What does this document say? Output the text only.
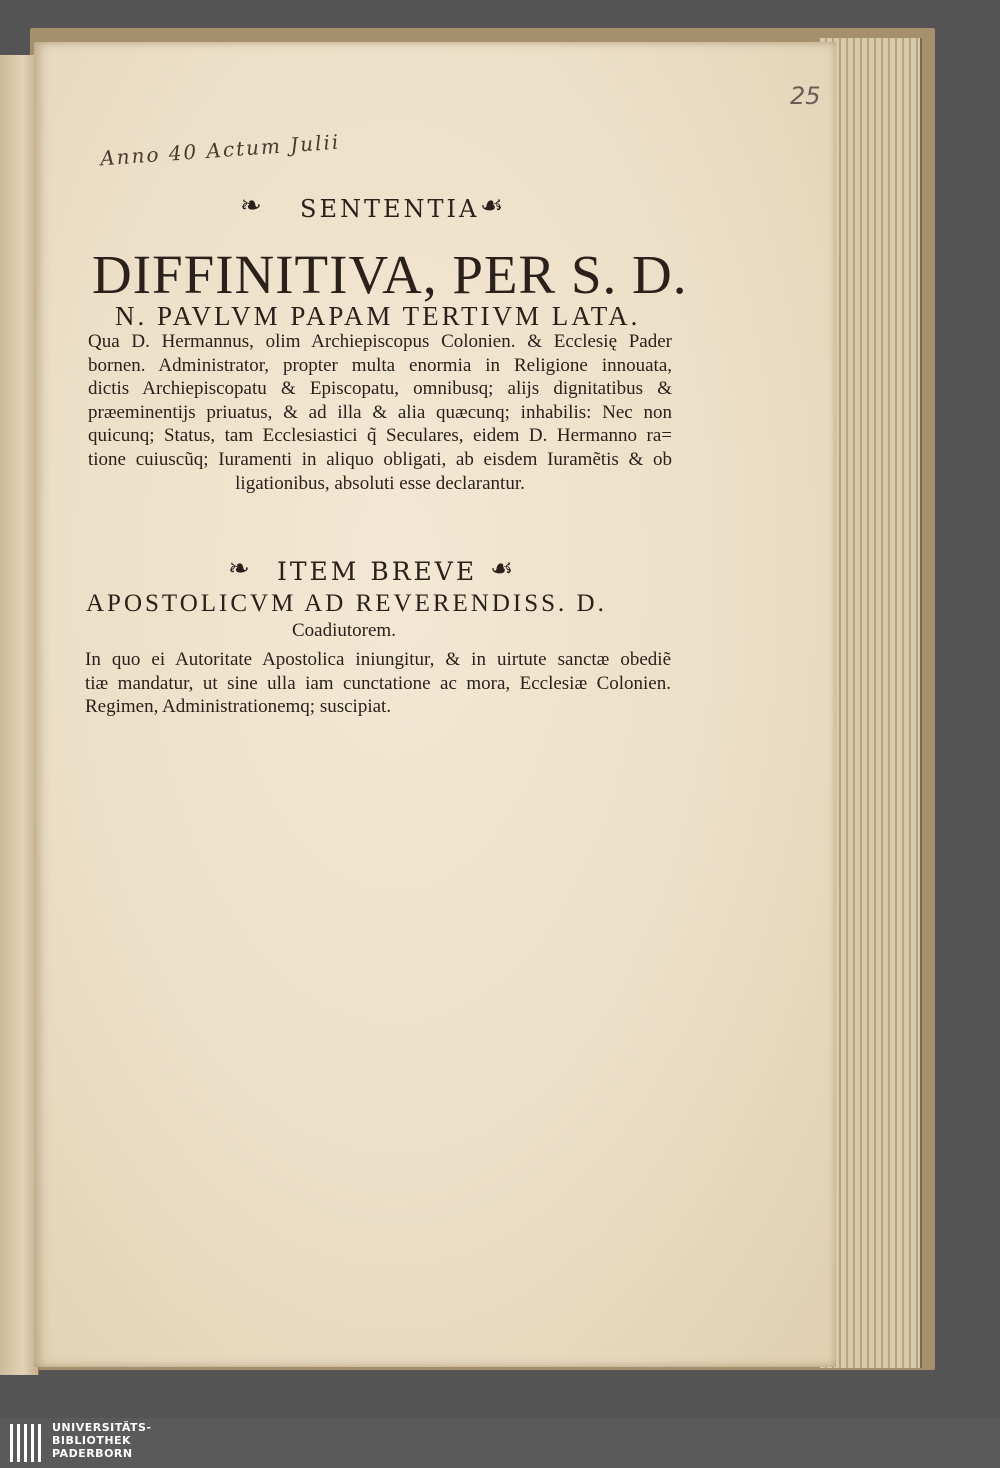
25
Anno 40 Actum Julii
❧ SENTENTIA ☙
DIFFINITIVA, PER S. D.
N. PAVLVM PAPAM TERTIVM LATA.
Qua D. Hermannus, olim Archiepiscopus Colonien. & Ecclesię Pader
bornen. Administrator, propter multa enormia in Religione innouata,
dictis Archiepiscopatu & Episcopatu, omnibusq; alijs dignitatibus &
præeminentijs priuatus, & ad illa & alia quæcunq; inhabilis: Nec non
quicunq; Status, tam Ecclesiastici q̃ Seculares, eidem D. Hermanno ra=
tione cuiuscũq; Iuramenti in aliquo obligati, ab eisdem Iuramẽtis & ob
ligationibus, absoluti esse declarantur.
❧ ITEM BREVE ☙
APOSTOLICVM AD REVERENDISS. D.
Coadiutorem.
In quo ei Autoritate Apostolica iniungitur, & in uirtute sanctæ obediẽ
tiæ mandatur, ut sine ulla iam cunctatione ac mora, Ecclesiæ Colonien.
Regimen, Administrationemq; suscipiat.
UNIVERSITÄTS-
BIBLIOTHEK
PADERBORN
